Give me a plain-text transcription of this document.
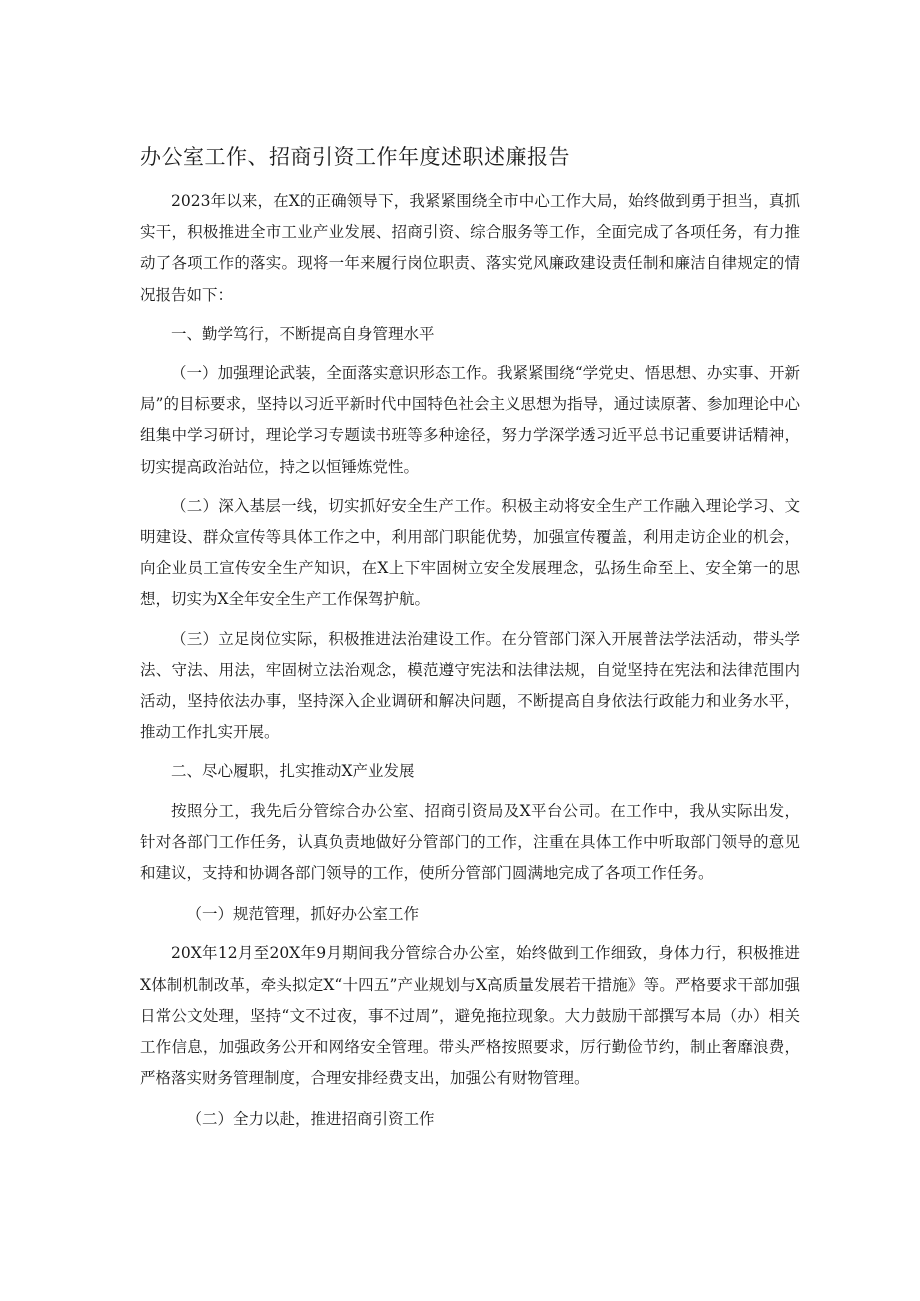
办公室工作、招商引资工作年度述职述廉报告

2023年以来，在X的正确领导下，我紧紧围绕全市中心工作大局，始终做到勇于担当，真抓实干，积极推进全市工业产业发展、招商引资、综合服务等工作，全面完成了各项任务，有力推动了各项工作的落实。现将一年来履行岗位职责、落实党风廉政建设责任制和廉洁自律规定的情况报告如下：

一、勤学笃行，不断提高自身管理水平

（一）加强理论武装，全面落实意识形态工作。我紧紧围绕“学党史、悟思想、办实事、开新局”的目标要求，坚持以习近平新时代中国特色社会主义思想为指导，通过读原著、参加理论中心组集中学习研讨，理论学习专题读书班等多种途径，努力学深学透习近平总书记重要讲话精神，切实提高政治站位，持之以恒锤炼党性。

（二）深入基层一线，切实抓好安全生产工作。积极主动将安全生产工作融入理论学习、文明建设、群众宣传等具体工作之中，利用部门职能优势，加强宣传覆盖，利用走访企业的机会，向企业员工宣传安全生产知识，在X上下牢固树立安全发展理念，弘扬生命至上、安全第一的思想，切实为X全年安全生产工作保驾护航。

（三）立足岗位实际，积极推进法治建设工作。在分管部门深入开展普法学法活动，带头学法、守法、用法，牢固树立法治观念，模范遵守宪法和法律法规，自觉坚持在宪法和法律范围内活动，坚持依法办事，坚持深入企业调研和解决问题，不断提高自身依法行政能力和业务水平，推动工作扎实开展。

二、尽心履职，扎实推动X产业发展

按照分工，我先后分管综合办公室、招商引资局及X平台公司。在工作中，我从实际出发，针对各部门工作任务，认真负责地做好分管部门的工作，注重在具体工作中听取部门领导的意见和建议，支持和协调各部门领导的工作，使所分管部门圆满地完成了各项工作任务。

（一）规范管理，抓好办公室工作

20X年12月至20X年9月期间我分管综合办公室，始终做到工作细致，身体力行，积极推进X体制机制改革，牵头拟定X“十四五”产业规划与X高质量发展若干措施》等。严格要求干部加强日常公文处理，坚持“文不过夜，事不过周”，避免拖拉现象。大力鼓励干部撰写本局（办）相关工作信息，加强政务公开和网络安全管理。带头严格按照要求，厉行勤俭节约，制止奢靡浪费，严格落实财务管理制度，合理安排经费支出，加强公有财物管理。

（二）全力以赴，推进招商引资工作
